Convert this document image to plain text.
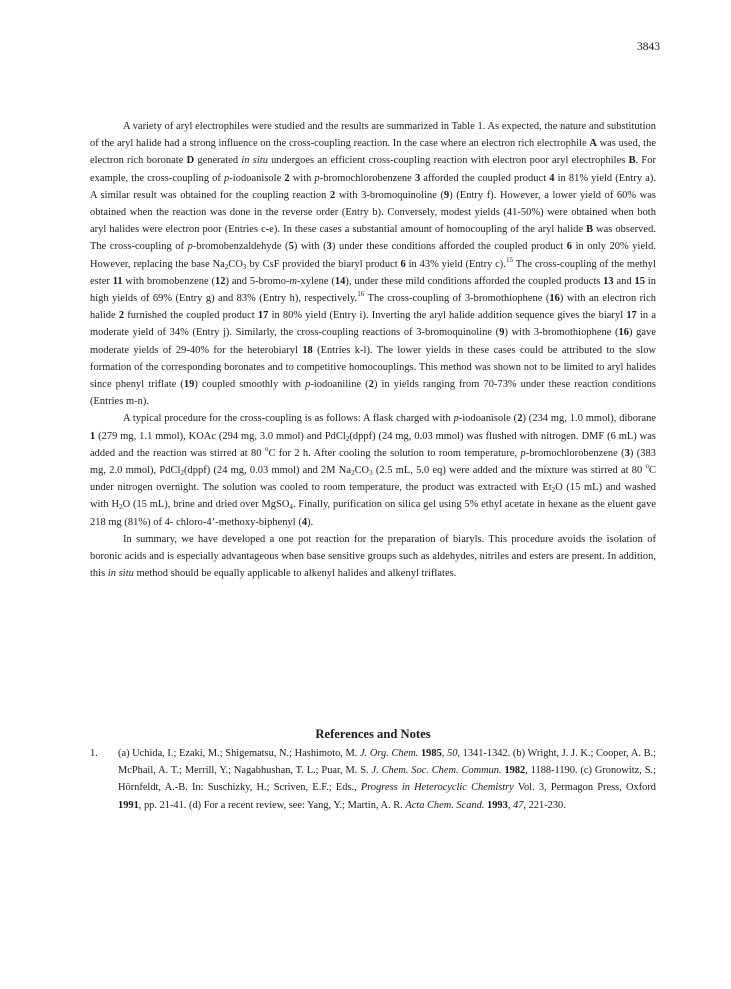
3843

A variety of aryl electrophiles were studied and the results are summarized in Table 1. As expected, the nature and substitution of the aryl halide had a strong influence on the cross-coupling reaction. In the case where an electron rich electrophile A was used, the electron rich boronate D generated in situ undergoes an efficient cross-coupling reaction with electron poor aryl electrophiles B. For example, the cross-coupling of p-iodoanisole 2 with p-bromochlorobenzene 3 afforded the coupled product 4 in 81% yield (Entry a). A similar result was obtained for the coupling reaction 2 with 3-bromoquinoline (9) (Entry f). However, a lower yield of 60% was obtained when the reaction was done in the reverse order (Entry b). Conversely, modest yields (41-50%) were obtained when both aryl halides were electron poor (Entries c-e). In these cases a substantial amount of homocoupling of the aryl halide B was observed. The cross-coupling of p-bromobenzaldehyde (5) with (3) under these conditions afforded the coupled product 6 in only 20% yield. However, replacing the base $Na_2CO_3$ by CsF provided the biaryl product 6 in 43% yield (Entry c).$^{15}$ The cross-coupling of the methyl ester 11 with bromobenzene (12) and 5-bromo-m-xylene (14), under these mild conditions afforded the coupled products 13 and 15 in high yields of 69% (Entry g) and 83% (Entry h), respectively.$^{16}$ The cross-coupling of 3-bromothiophene (16) with an electron rich halide 2 furnished the coupled product 17 in 80% yield (Entry i). Inverting the aryl halide addition sequence gives the biaryl 17 in a moderate yield of 34% (Entry j). Similarly, the cross-coupling reactions of 3-bromoquinoline (9) with 3-bromothiophene (16) gave moderate yields of 29-40% for the heterobiaryl 18 (Entries k-l). The lower yields in these cases could be attributed to the slow formation of the corresponding boronates and to competitive homocouplings. This method was shown not to be limited to aryl halides since phenyl triflate (19) coupled smoothly with p-iodoaniline (2) in yields ranging from 70-73% under these reaction conditions (Entries m-n).

A typical procedure for the cross-coupling is as follows: A flask charged with p-iodoanisole (2) (234 mg, 1.0 mmol), diborane 1 (279 mg, 1.1 mmol), KOAc (294 mg, 3.0 mmol) and PdCl$_2$(dppf) (24 mg, 0.03 mmol) was flushed with nitrogen. DMF (6 mL) was added and the reaction was stirred at 80 $^o$C for 2 h. After cooling the solution to room temperature, p-bromochlorobenzene (3) (383 mg, 2.0 mmol), PdCl$_2$(dppf) (24 mg, 0.03 mmol) and 2M $Na_2CO_3$ (2.5 mL, 5.0 eq) were added and the mixture was stirred at 80 $^o$C under nitrogen overnight. The solution was cooled to room temperature, the product was extracted with $Et_2O$ (15 mL) and washed with $H_2O$ (15 mL), brine and dried over MgSO$_4$. Finally, purification on silica gel using 5% ethyl acetate in hexane as the eluent gave 218 mg (81%) of 4- chloro-4’-methoxy-biphenyl (4).

In summary, we have developed a one pot reaction for the preparation of biaryls. This procedure avoids the isolation of boronic acids and is especially advantageous when base sensitive groups such as aldehydes, nitriles and esters are present. In addition, this in situ method should be equally applicable to alkenyl halides and alkenyl triflates.

References and Notes
1.	(a) Uchida, I.; Ezaki, M.; Shigematsu, N.; Hashimoto, M. J. Org. Chem. 1985, 50, 1341-1342. (b) Wright, J. J. K.; Cooper, A. B.; McPhail, A. T.; Merrill, Y.; Nagabhushan, T. L.; Puar, M. S. J. Chem. Soc. Chem. Commun. 1982, 1188-1190. (c) Gronowitz, S.; Hörnfeldt, A.-B. In: Suschizky, H.; Scriven, E.F.; Eds., Progress in Heterocyclic Chemistry Vol. 3, Permagon Press, Oxford 1991, pp. 21-41. (d) For a recent review, see: Yang, Y.; Martin, A. R. Acta Chem. Scand. 1993, 47, 221-230.
